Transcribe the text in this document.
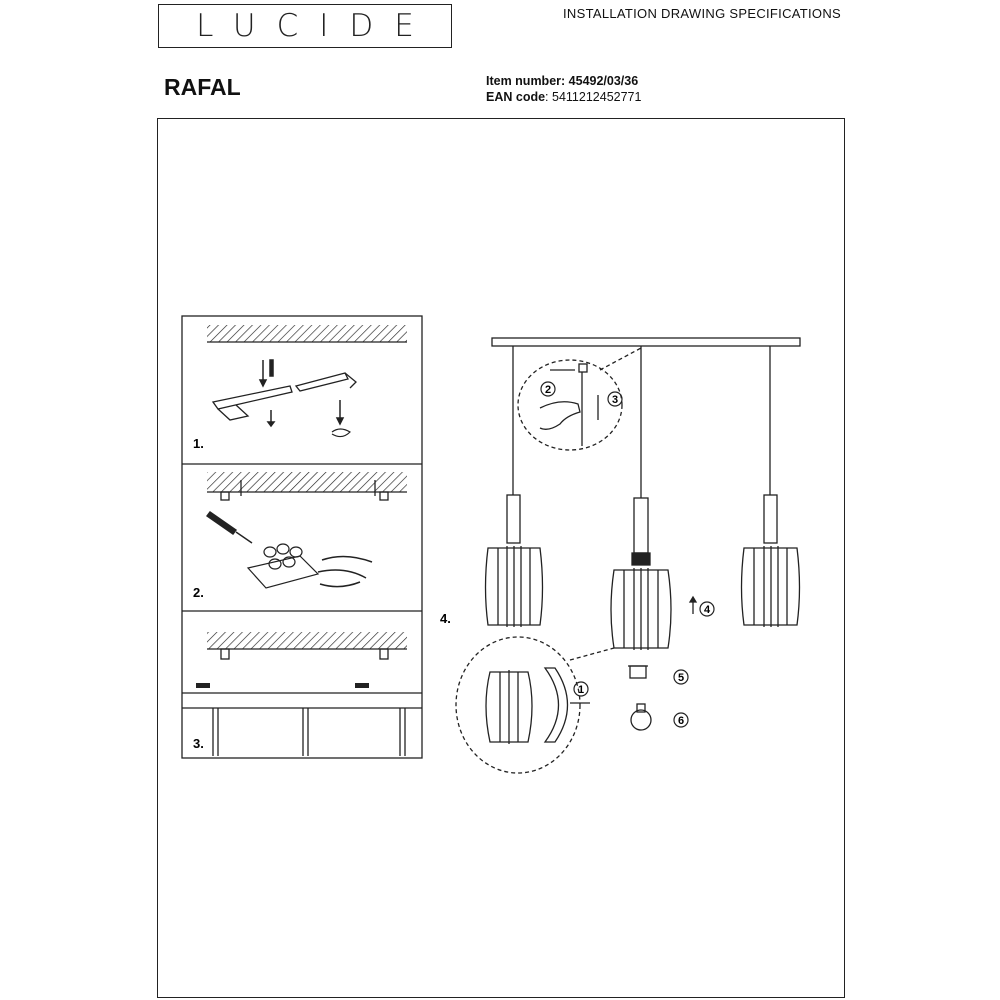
LUCIDE	INSTALLATION DRAWING SPECIFICATIONS
RAFAL	Item number: 45492/03/36
EAN code: 5411212452771
1.
2.
3.
2
3
4
1
5
6
4.
